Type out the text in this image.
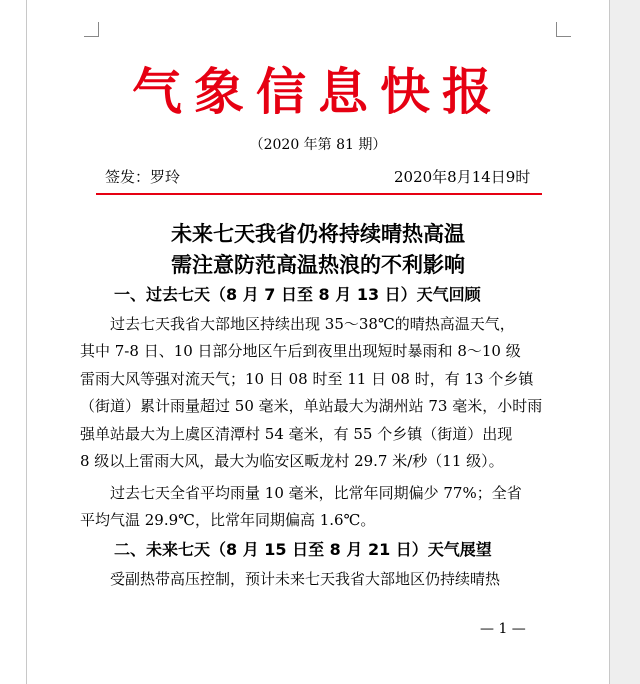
气象信息快报
（2020 年第 81 期）
签发：罗玲	2020年8月14日9时
未来七天我省仍将持续晴热高温
需注意防范高温热浪的不利影响
一、过去七天（8 月 7 日至 8 月 13 日）天气回顾
　　过去七天我省大部地区持续出现 35～38℃的晴热高温天气，
其中 7-8 日、10 日部分地区午后到夜里出现短时暴雨和 8～10 级
雷雨大风等强对流天气；10 日 08 时至 11 日 08 时，有 13 个乡镇
（街道）累计雨量超过 50 毫米，单站最大为湖州站 73 毫米，小时雨
强单站最大为上虞区清潭村 54 毫米，有 55 个乡镇（街道）出现
8 级以上雷雨大风，最大为临安区畈龙村 29.7 米/秒（11 级）。
　　过去七天全省平均雨量 10 毫米，比常年同期偏少 77%；全省
平均气温 29.9℃，比常年同期偏高 1.6℃。
二、未来七天（8 月 15 日至 8 月 21 日）天气展望
　　受副热带高压控制，预计未来七天我省大部地区仍持续晴热
— 1 —
